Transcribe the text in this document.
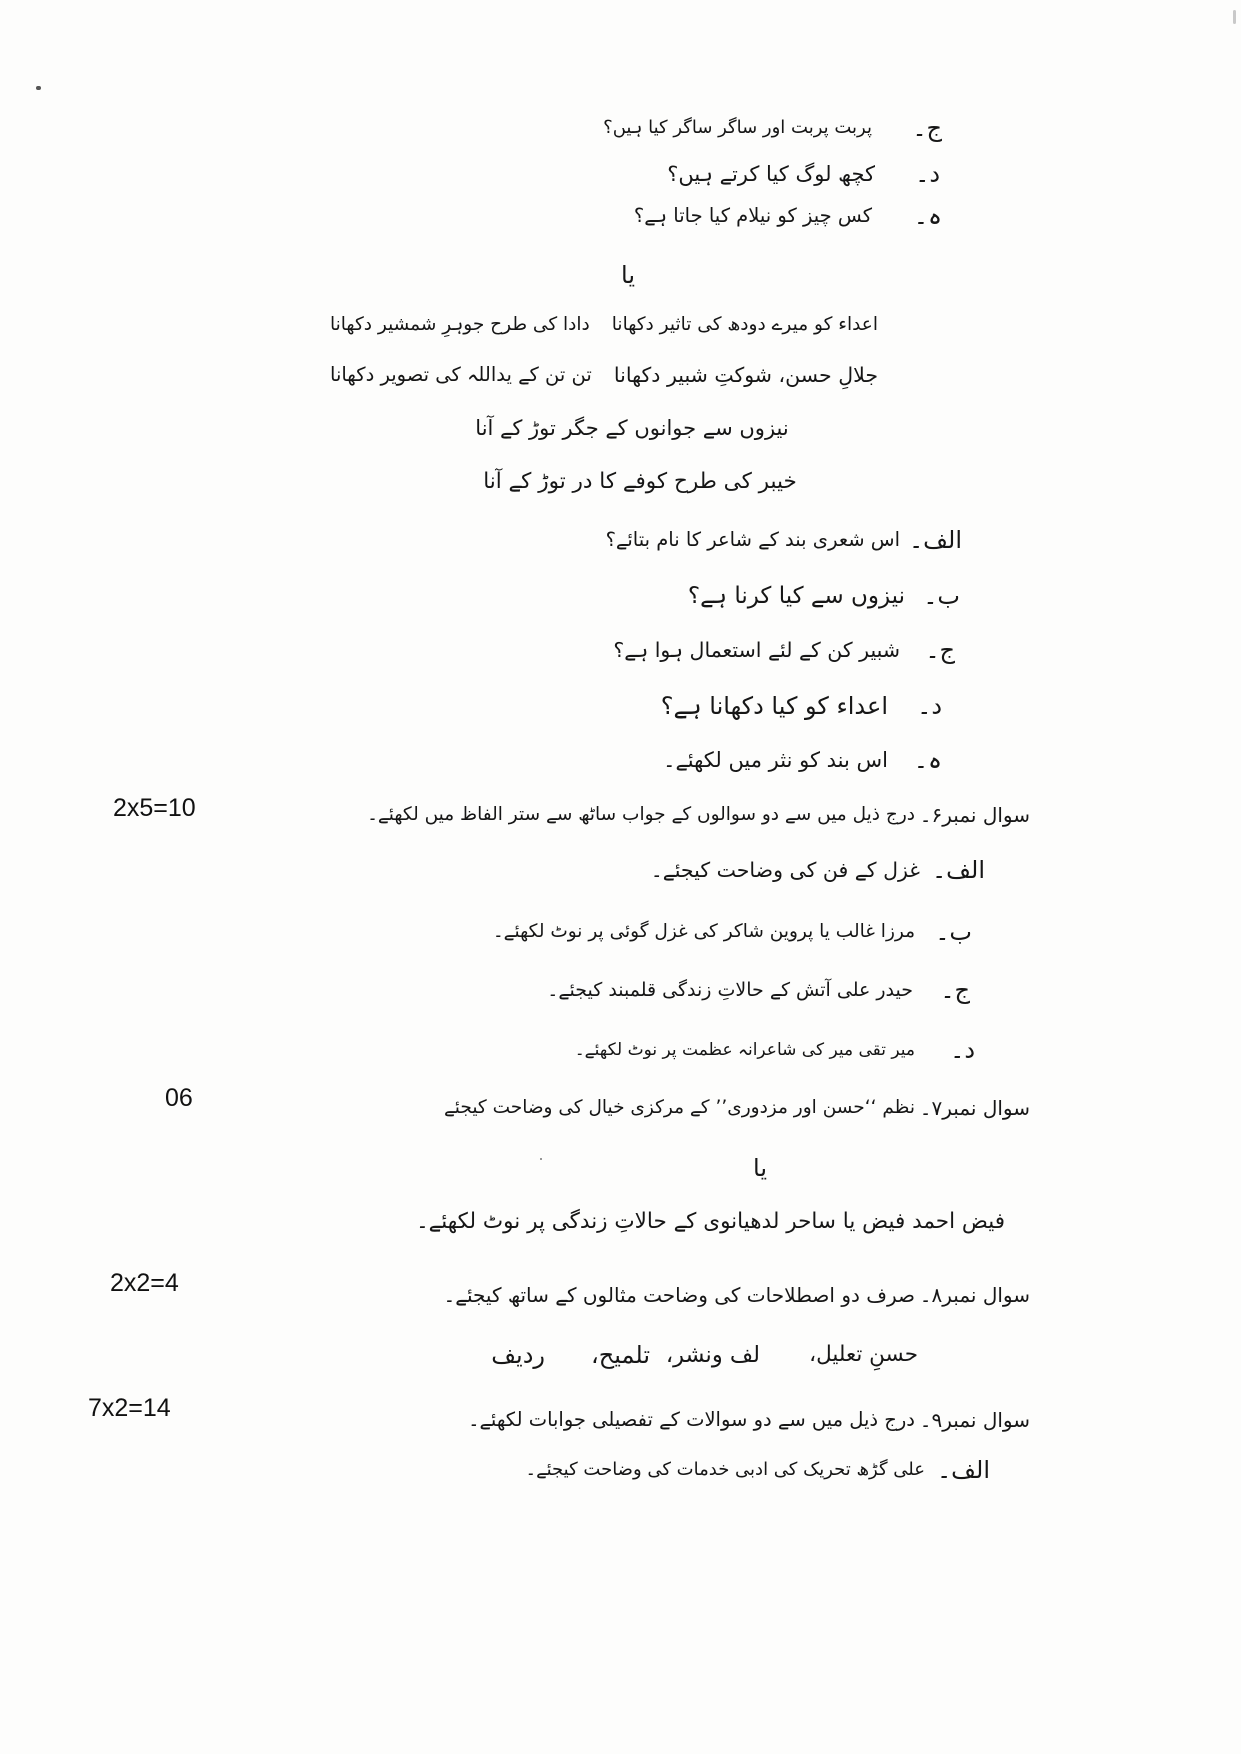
ج۔
پربت پربت اور ساگر ساگر کیا ہیں؟
د۔
کچھ لوگ کیا کرتے ہیں؟
ہ۔
کس چیز کو نیلام کیا جاتا ہے؟
یا
اعداء کو میرے دودھ کی تاثیر دکھانا
دادا کی طرح جوہرِ شمشیر دکھانا
جلالِ حسن، شوکتِ شبیر دکھانا
تن تن کے یداللہ کی تصویر دکھانا
نیزوں سے جوانوں کے جگر توڑ کے آنا
خیبر کی طرح کوفے کا در توڑ کے آنا
الف۔
اس شعری بند کے شاعر کا نام بتائے؟
ب۔
نیزوں سے کیا کرنا ہے؟
ج۔
شبیر کن کے لئے استعمال ہوا ہے؟
د۔
اعداء کو کیا دکھانا ہے؟
ہ۔
اس بند کو نثر میں لکھئے۔
سوال نمبر۶۔
درج ذیل میں سے دو سوالوں کے جواب ساٹھ سے ستر الفاظ میں لکھئے۔
2x5=10
الف۔
غزل کے فن کی وضاحت کیجئے۔
ب۔
مرزا غالب یا پروین شاکر کی غزل گوئی پر نوٹ لکھئے۔
ج۔
حیدر علی آتش کے حالاتِ زندگی قلمبند کیجئے۔
د۔
میر تقی میر کی شاعرانہ عظمت پر نوٹ لکھئے۔
سوال نمبر۷۔
نظم ‘‘حسن اور مزدوری’’ کے مرکزی خیال کی وضاحت کیجئے
06
یا
فیض احمد فیض یا ساحر لدھیانوی کے حالاتِ زندگی پر نوٹ لکھئے۔
سوال نمبر۸۔
صرف دو اصطلاحات کی وضاحت مثالوں کے ساتھ کیجئے۔
2x2=4
حسنِ تعلیل،
لف ونشر،
تلمیح،
ردیف
سوال نمبر۹۔
درج ذیل میں سے دو سوالات کے تفصیلی جوابات لکھئے۔
7x2=14
الف۔
علی گڑھ تحریک کی ادبی خدمات کی وضاحت کیجئے۔
